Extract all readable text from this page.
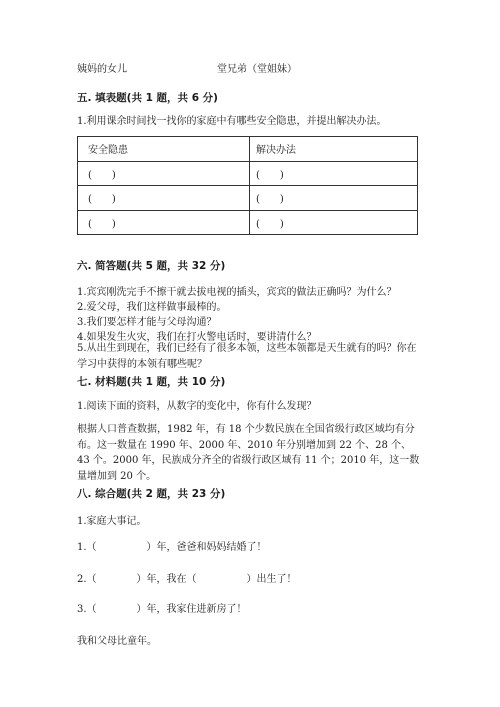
姨妈的女儿	堂兄弟（堂姐妹）
五. 填表题(共 1 题，共 6 分)
1.利用课余时间找一找你的家庭中有哪些安全隐患，并提出解决办法。
安全隐患	解决办法
(　　)	(　　)
(　　)	(　　)
(　　)	(　　)
六. 简答题(共 5 题，共 32 分)
1.宾宾刚洗完手不擦干就去拔电视的插头，宾宾的做法正确吗？为什么？
2.爱父母，我们这样做事最棒的。
3.我们要怎样才能与父母沟通？
4.如果发生火灾，我们在打火警电话时，要讲清什么？
5.从出生到现在，我们已经有了很多本领，这些本领都是天生就有的吗？你在学习中获得的本领有哪些呢？
七. 材料题(共 1 题，共 10 分)
1.阅读下面的资料，从数字的变化中，你有什么发现？
根据人口普查数据，1982 年，有 18 个少数民族在全国省级行政区域均有分布。这一数量在 1990 年、2000 年、2010 年分别增加到 22 个、28 个、43 个。2000 年，民族成分齐全的省级行政区域有 11 个；2010 年，这一数量增加到 20 个。
八. 综合题(共 2 题，共 23 分)
1.家庭大事记。
1.（　　　　　）年，爸爸和妈妈结婚了！
2.（　　　　）年，我在（　　　　　）出生了！
3.（　　　　）年，我家住进新房了！
我和父母比童年。
